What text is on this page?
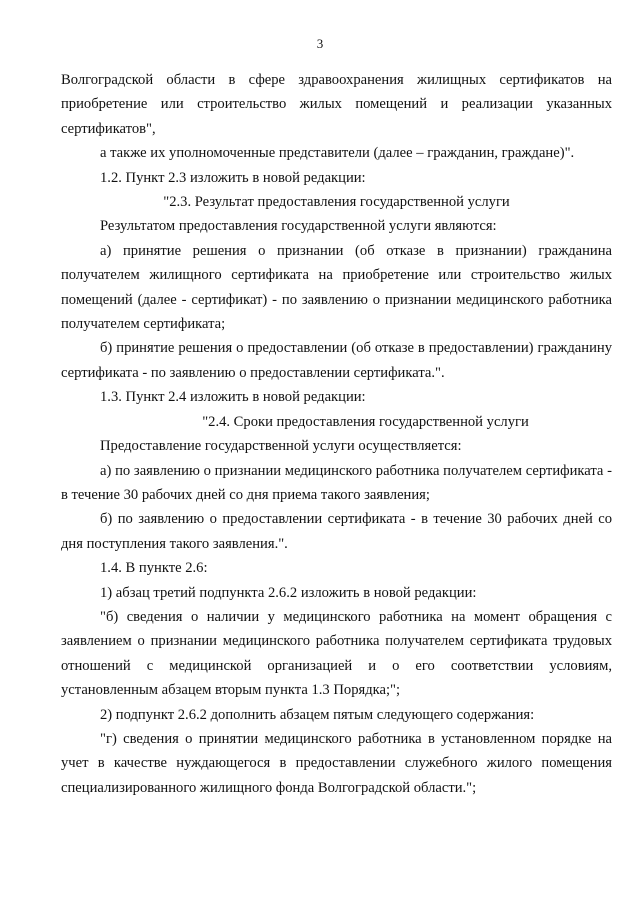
3

Волгоградской области в сфере здравоохранения жилищных сертификатов на приобретение или строительство жилых помещений и реализации указанных сертификатов",

а также их уполномоченные представители (далее – гражданин, граждане)".

1.2. Пункт 2.3 изложить в новой редакции:

"2.3. Результат предоставления государственной услуги

Результатом предоставления государственной услуги являются:

а) принятие решения о признании (об отказе в признании) гражданина получателем жилищного сертификата на приобретение или строительство жилых помещений (далее - сертификат) - по заявлению о признании медицинского работника получателем сертификата;

б) принятие решения о предоставлении (об отказе в предоставлении) гражданину сертификата - по заявлению о предоставлении сертификата.".

1.3. Пункт 2.4 изложить в новой редакции:

"2.4. Сроки предоставления государственной услуги

Предоставление государственной услуги осуществляется:

а) по заявлению о признании медицинского работника получателем сертификата - в течение 30 рабочих дней со дня приема такого заявления;

б) по заявлению о предоставлении сертификата - в течение 30 рабочих дней со дня поступления такого заявления.".

1.4. В пункте 2.6:

1) абзац третий подпункта 2.6.2 изложить в новой редакции:

"б) сведения о наличии у медицинского работника на момент обращения с заявлением о признании медицинского работника получателем сертификата трудовых отношений с медицинской организацией и о его соответствии условиям, установленным абзацем вторым пункта 1.3 Порядка;";

2) подпункт 2.6.2 дополнить абзацем пятым следующего содержания:

"г) сведения о принятии медицинского работника в установленном порядке на учет в качестве нуждающегося в предоставлении служебного жилого помещения специализированного жилищного фонда Волгоградской области.";
